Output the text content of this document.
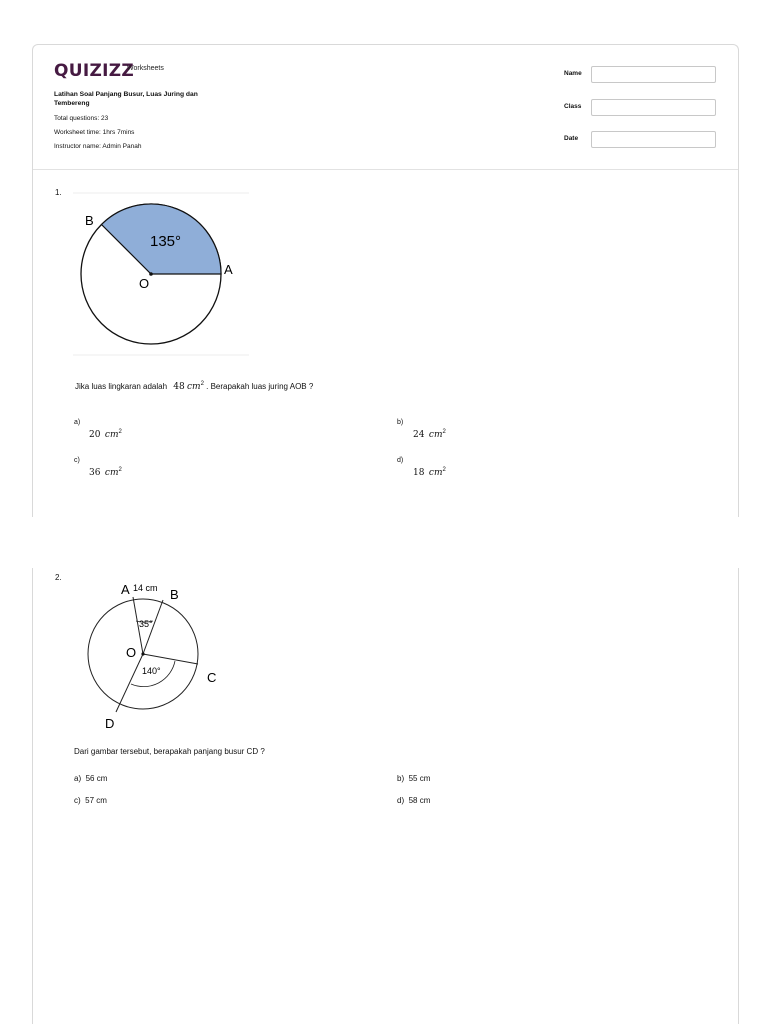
QUIZIZZ
Worksheets
Latihan Soal Panjang Busur, Luas Juring dan Tembereng
Total questions: 23
Worksheet time: 1hrs 7mins
Instructor name: Admin Panah
Name
Class
Date
1.
B
A
O
135°
Jika luas lingkaran adalah 48 $cm^2$ . Berapakah luas juring AOB ?
a)
20 $cm^2$
b)
24 $cm^2$
c)
36 $cm^2$
d)
18 $cm^2$
2.
A 14 cm B
O
35°
140°	C
D
Dari gambar tersebut, berapakah panjang busur CD ?
a) 56 cm	b) 55 cm
c) 57 cm	d) 58 cm
